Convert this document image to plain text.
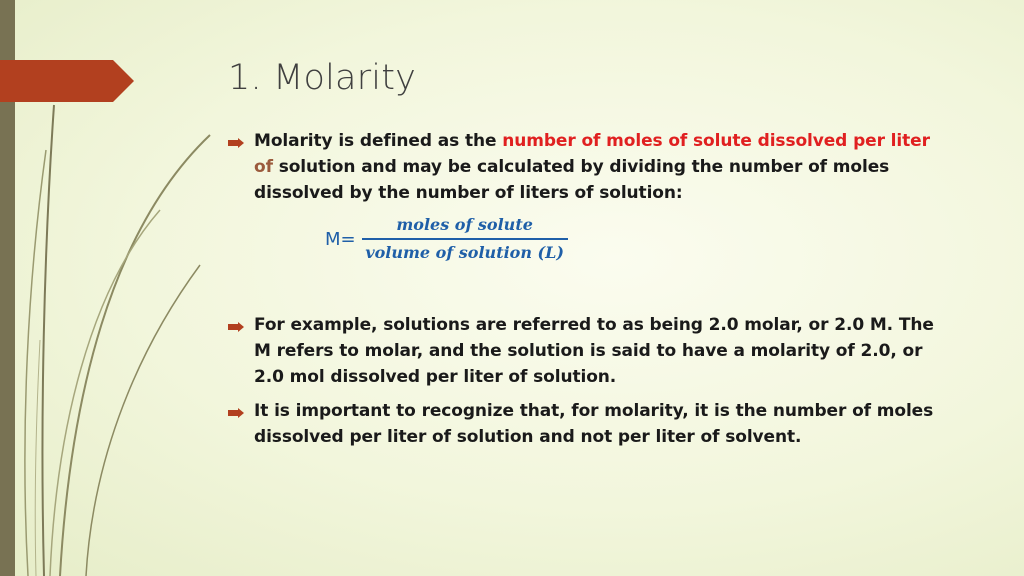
1. Molarity
Molarity is defined as the number of moles of solute dissolved per liter of solution and may be calculated by dividing the number of moles dissolved by the number of liters of solution:
$M= \frac{\text{moles of solute}}{\text{volume of solution (L)}}$
For example, solutions are referred to as being 2.0 molar, or 2.0 M. The M refers to molar, and the solution is said to have a molarity of 2.0, or 2.0 mol dissolved per liter of solution.
It is important to recognize that, for molarity, it is the number of moles dissolved per liter of solution and not per liter of solvent.
